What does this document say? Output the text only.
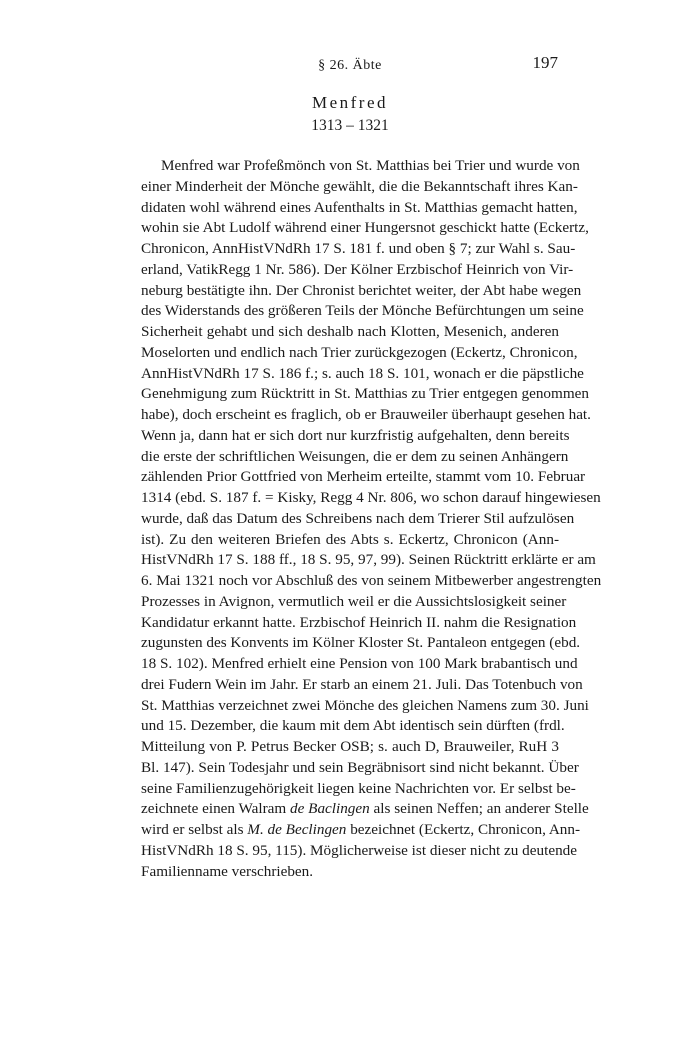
§ 26. Äbte	197
Menfred
1313 – 1321
Menfred war Profeßmönch von St. Matthias bei Trier und wurde von
einer Minderheit der Mönche gewählt, die die Bekanntschaft ihres Kan-
didaten wohl während eines Aufenthalts in St. Matthias gemacht hatten,
wohin sie Abt Ludolf während einer Hungersnot geschickt hatte (Eckertz,
Chronicon, AnnHistVNdRh 17 S. 181 f. und oben § 7; zur Wahl s. Sau-
erland, VatikRegg 1 Nr. 586). Der Kölner Erzbischof Heinrich von Vir-
neburg bestätigte ihn. Der Chronist berichtet weiter, der Abt habe wegen
des Widerstands des größeren Teils der Mönche Befürchtungen um seine
Sicherheit gehabt und sich deshalb nach Klotten, Mesenich, anderen
Moselorten und endlich nach Trier zurückgezogen (Eckertz, Chronicon,
AnnHistVNdRh 17 S. 186 f.; s. auch 18 S. 101, wonach er die päpstliche
Genehmigung zum Rücktritt in St. Matthias zu Trier entgegen genommen
habe), doch erscheint es fraglich, ob er Brauweiler überhaupt gesehen hat.
Wenn ja, dann hat er sich dort nur kurzfristig aufgehalten, denn bereits
die erste der schriftlichen Weisungen, die er dem zu seinen Anhängern
zählenden Prior Gottfried von Merheim erteilte, stammt vom 10. Februar
1314 (ebd. S. 187 f. = Kisky, Regg 4 Nr. 806, wo schon darauf hingewiesen
wurde, daß das Datum des Schreibens nach dem Trierer Stil aufzulösen
ist). Zu den weiteren Briefen des Abts s. Eckertz, Chronicon (Ann-
HistVNdRh 17 S. 188 ff., 18 S. 95, 97, 99). Seinen Rücktritt erklärte er am
6. Mai 1321 noch vor Abschluß des von seinem Mitbewerber angestrengten
Prozesses in Avignon, vermutlich weil er die Aussichtslosigkeit seiner
Kandidatur erkannt hatte. Erzbischof Heinrich II. nahm die Resignation
zugunsten des Konvents im Kölner Kloster St. Pantaleon entgegen (ebd.
18 S. 102). Menfred erhielt eine Pension von 100 Mark brabantisch und
drei Fudern Wein im Jahr. Er starb an einem 21. Juli. Das Totenbuch von
St. Matthias verzeichnet zwei Mönche des gleichen Namens zum 30. Juni
und 15. Dezember, die kaum mit dem Abt identisch sein dürften (frdl.
Mitteilung von P. Petrus Becker OSB; s. auch D, Brauweiler, RuH 3
Bl. 147). Sein Todesjahr und sein Begräbnisort sind nicht bekannt. Über
seine Familienzugehörigkeit liegen keine Nachrichten vor. Er selbst be-
zeichnete einen Walram de Baclingen als seinen Neffen; an anderer Stelle
wird er selbst als M. de Beclingen bezeichnet (Eckertz, Chronicon, Ann-
HistVNdRh 18 S. 95, 115). Möglicherweise ist dieser nicht zu deutende
Familienname verschrieben.
